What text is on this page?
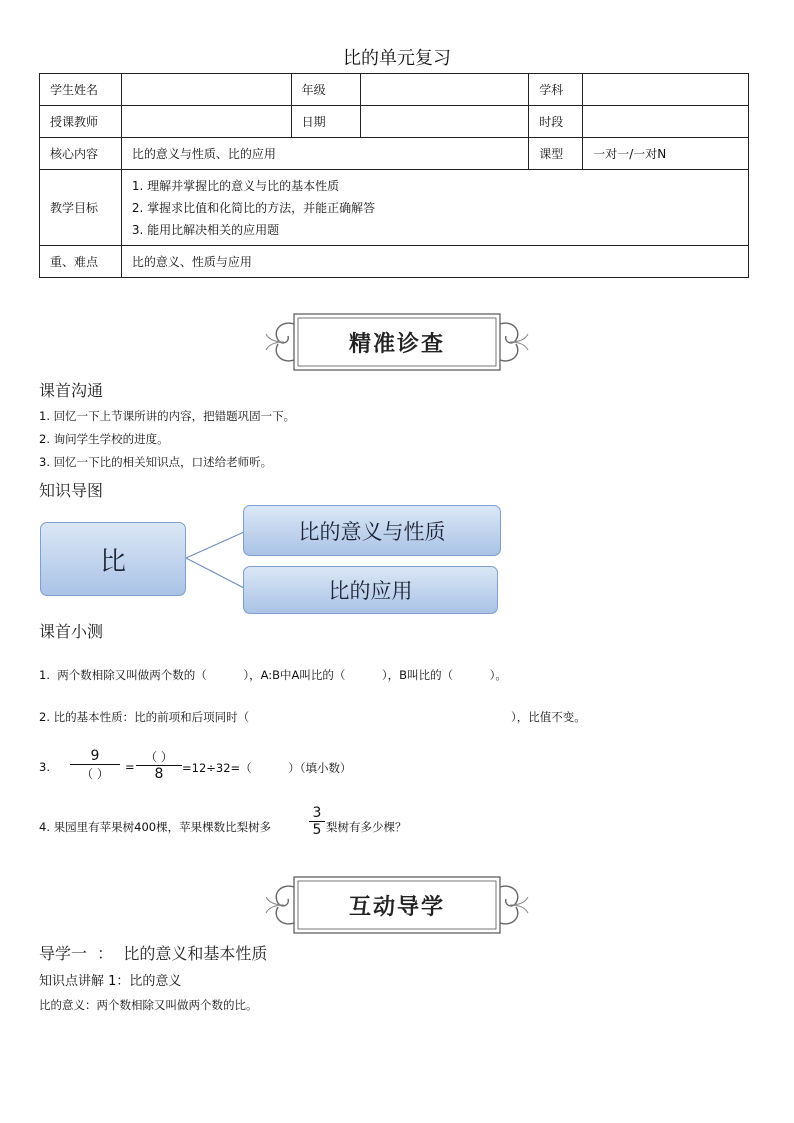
比的单元复习
学生姓名		年级		学科	
授课教师		日期		时段	
核心内容	比的意义与性质、比的应用			课型	一对一/一对N
教学目标	1. 理解并掌握比的意义与比的基本性质
2. 掌握求比值和化简比的方法，并能正确解答
3. 能用比解决相关的应用题				

重、难点	比的意义、性质与应用				
精准诊查
课首沟通
1. 回忆一下上节课所讲的内容，把错题巩固一下。
2. 询问学生学校的进度。
3. 回忆一下比的相关知识点，口述给老师听。
知识导图
比
比的意义与性质
比的应用
课首小测
1.  两个数相除又叫做两个数的（          ），A:B中A叫比的（          ），B叫比的（          ）。
2. 比的基本性质：比的前项和后项同时（	），比值不变。
3.
9
（ ）	=
（ ）
8	=12÷32=（          ）（填小数）
4. 果园里有苹果树400棵，苹果棵数比梨树多
3
5 梨树有多少棵？
互动导学
导学一  ：  比的意义和基本性质
知识点讲解 1：比的意义
比的意义：两个数相除又叫做两个数的比。
